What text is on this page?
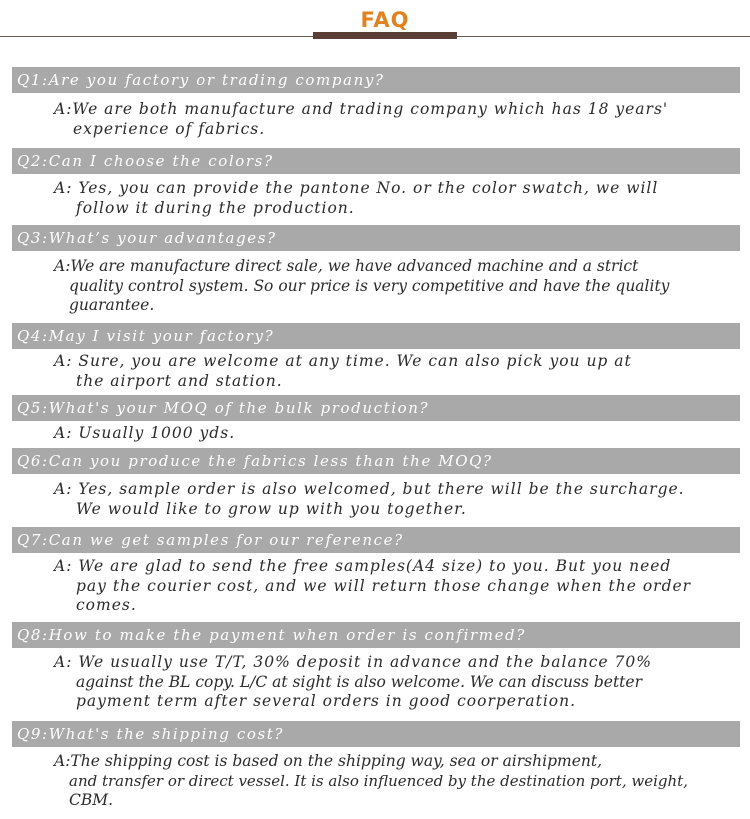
FAQ
Q1:Are you factory or trading company?
A:We are both manufacture and trading company which has 18 years'
experience of fabrics.
Q2:Can I choose the colors?
A: Yes, you can provide the pantone No. or the color swatch, we will
follow it during the production.
Q3:What’s your advantages?
A:We are manufacture direct sale, we have advanced machine and a strict
quality control system. So our price is very competitive and have the quality
guarantee.
Q4:May I visit your factory?
A: Sure, you are welcome at any time. We can also pick you up at
the airport and station.
Q5:What's your MOQ of the bulk production?
A: Usually 1000 yds.
Q6:Can you produce the fabrics less than the MOQ?
A: Yes, sample order is also welcomed, but there will be the surcharge.
We would like to grow up with you together.
Q7:Can we get samples for our reference?
A: We are glad to send the free samples(A4 size) to you. But you need
pay the courier cost, and we will return those change when the order
comes.
Q8:How to make the payment when order is confirmed?
A: We usually use T/T, 30% deposit in advance and the balance 70%
against the BL copy. L/C at sight is also welcome. We can discuss better
payment term after several orders in good coorperation.
Q9:What's the shipping cost?
A:The shipping cost is based on the shipping way, sea or airshipment,
and transfer or direct vessel. It is also influenced by the destination port, weight,
CBM.
